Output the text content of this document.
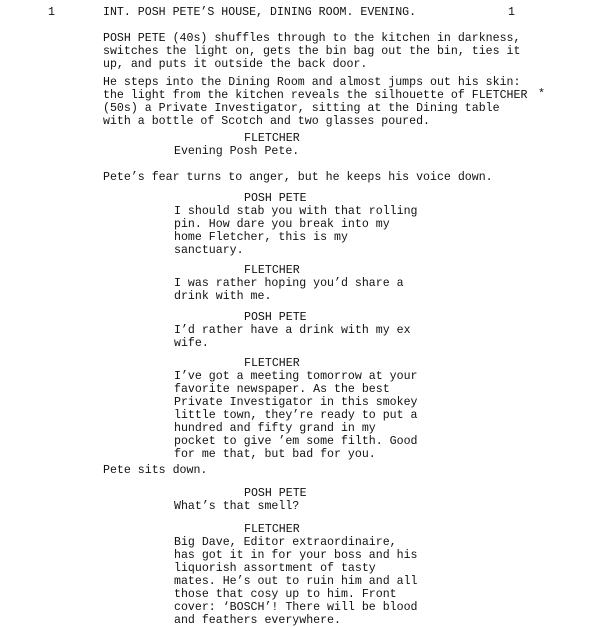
1	INT. POSH PETE’S HOUSE, DINING ROOM. EVENING.	1
*
POSH PETE (40s) shuffles through to the kitchen in darkness,
switches the light on, gets the bin bag out the bin, ties it
up, and puts it outside the back door.
He steps into the Dining Room and almost jumps out his skin:
the light from the kitchen reveals the silhouette of FLETCHER
(50s) a Private Investigator, sitting at the Dining table
with a bottle of Scotch and two glasses poured.
FLETCHER
Evening Posh Pete.
Pete’s fear turns to anger, but he keeps his voice down.
POSH PETE
I should stab you with that rolling
pin. How dare you break into my
home Fletcher, this is my
sanctuary.
FLETCHER
I was rather hoping you’d share a
drink with me.
POSH PETE
I’d rather have a drink with my ex
wife.
FLETCHER
I’ve got a meeting tomorrow at your
favorite newspaper. As the best
Private Investigator in this smokey
little town, they’re ready to put a
hundred and fifty grand in my
pocket to give ’em some filth. Good
for me that, but bad for you.
Pete sits down.
POSH PETE
What’s that smell?
FLETCHER
Big Dave, Editor extraordinaire,
has got it in for your boss and his
liquorish assortment of tasty
mates. He’s out to ruin him and all
those that cosy up to him. Front
cover: ‘BOSCH’! There will be blood
and feathers everywhere.
